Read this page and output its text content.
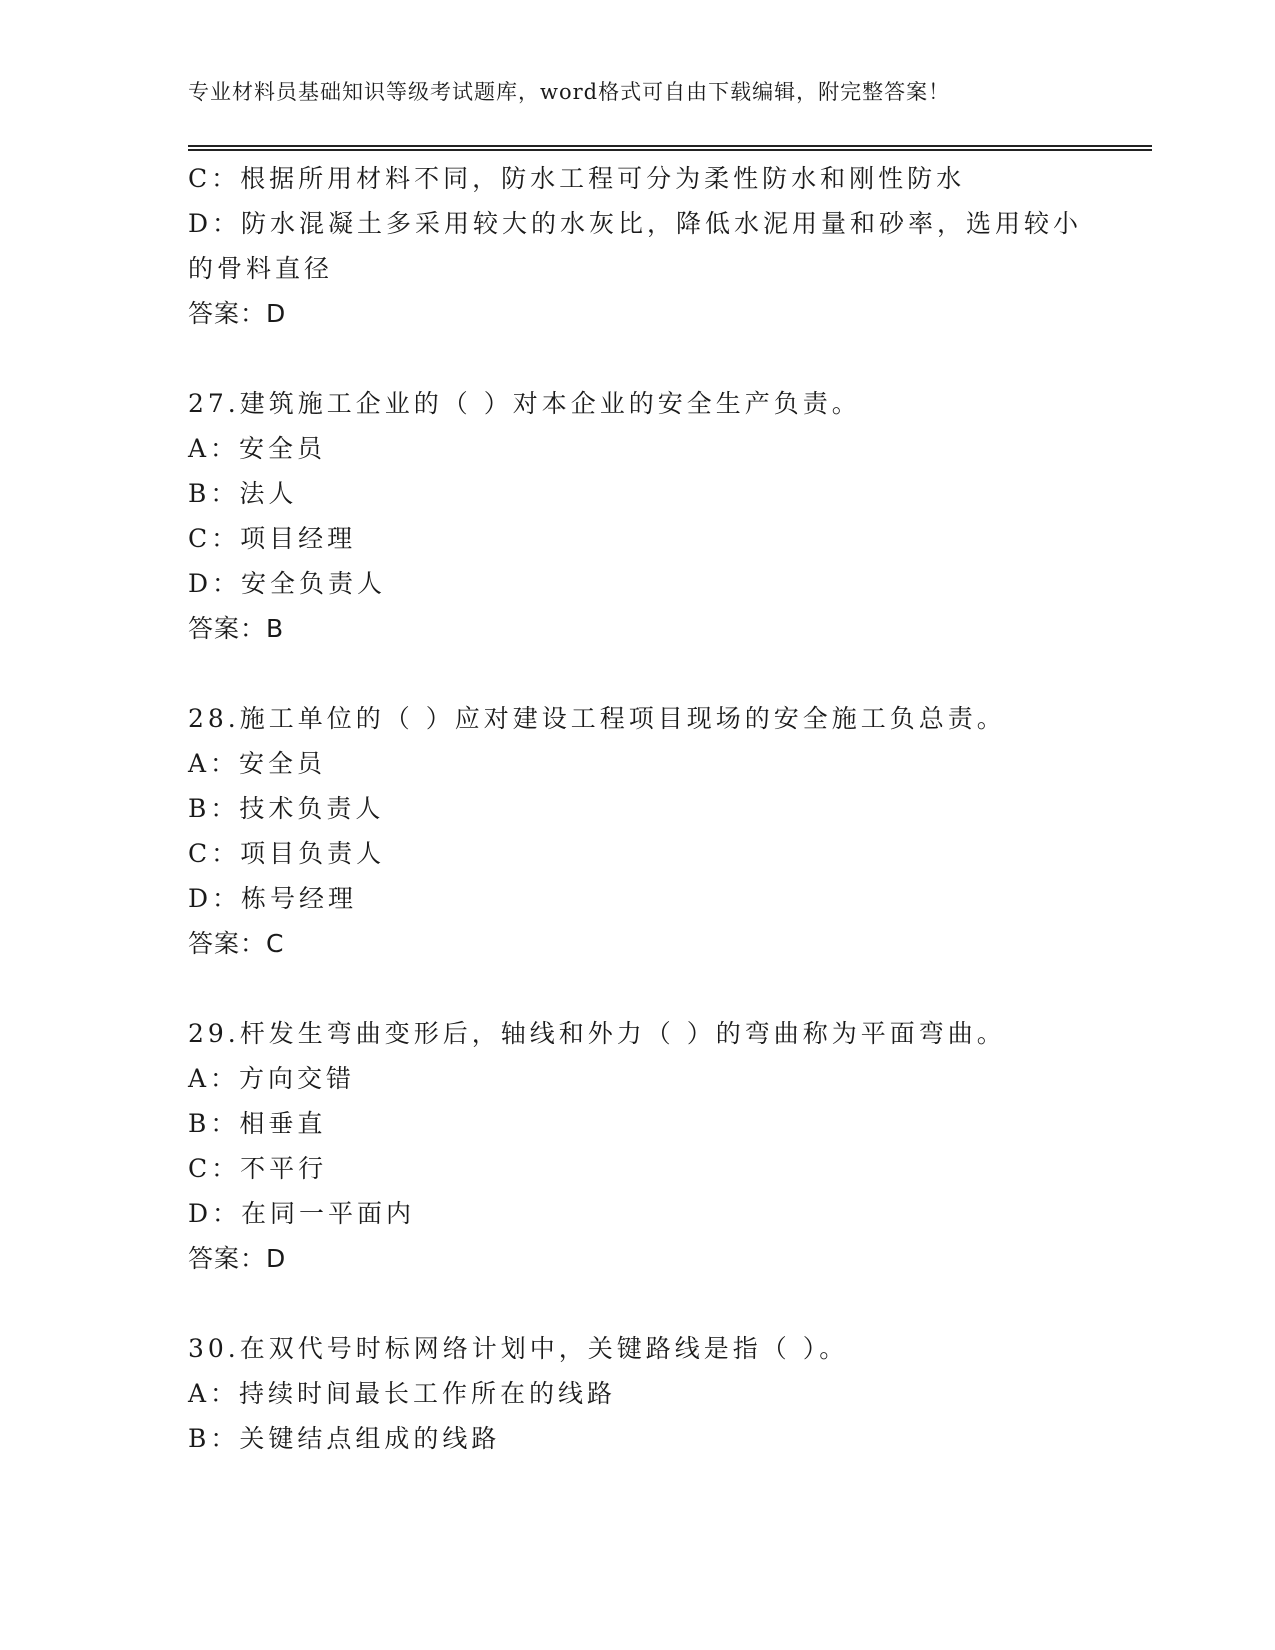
专业材料员基础知识等级考试题库，word格式可自由下载编辑，附完整答案！
C：根据所用材料不同，防水工程可分为柔性防水和刚性防水
D：防水混凝土多采用较大的水灰比，降低水泥用量和砂率，选用较小
的骨料直径
答案：D
27.建筑施工企业的（ ）对本企业的安全生产负责。
A：安全员
B：法人
C：项目经理
D：安全负责人
答案：B
28.施工单位的（ ）应对建设工程项目现场的安全施工负总责。
A：安全员
B：技术负责人
C：项目负责人
D：栋号经理
答案：C
29.杆发生弯曲变形后，轴线和外力（ ）的弯曲称为平面弯曲。
A：方向交错
B：相垂直
C：不平行
D：在同一平面内
答案：D
30.在双代号时标网络计划中，关键路线是指（ ）。
A：持续时间最长工作所在的线路
B：关键结点组成的线路
